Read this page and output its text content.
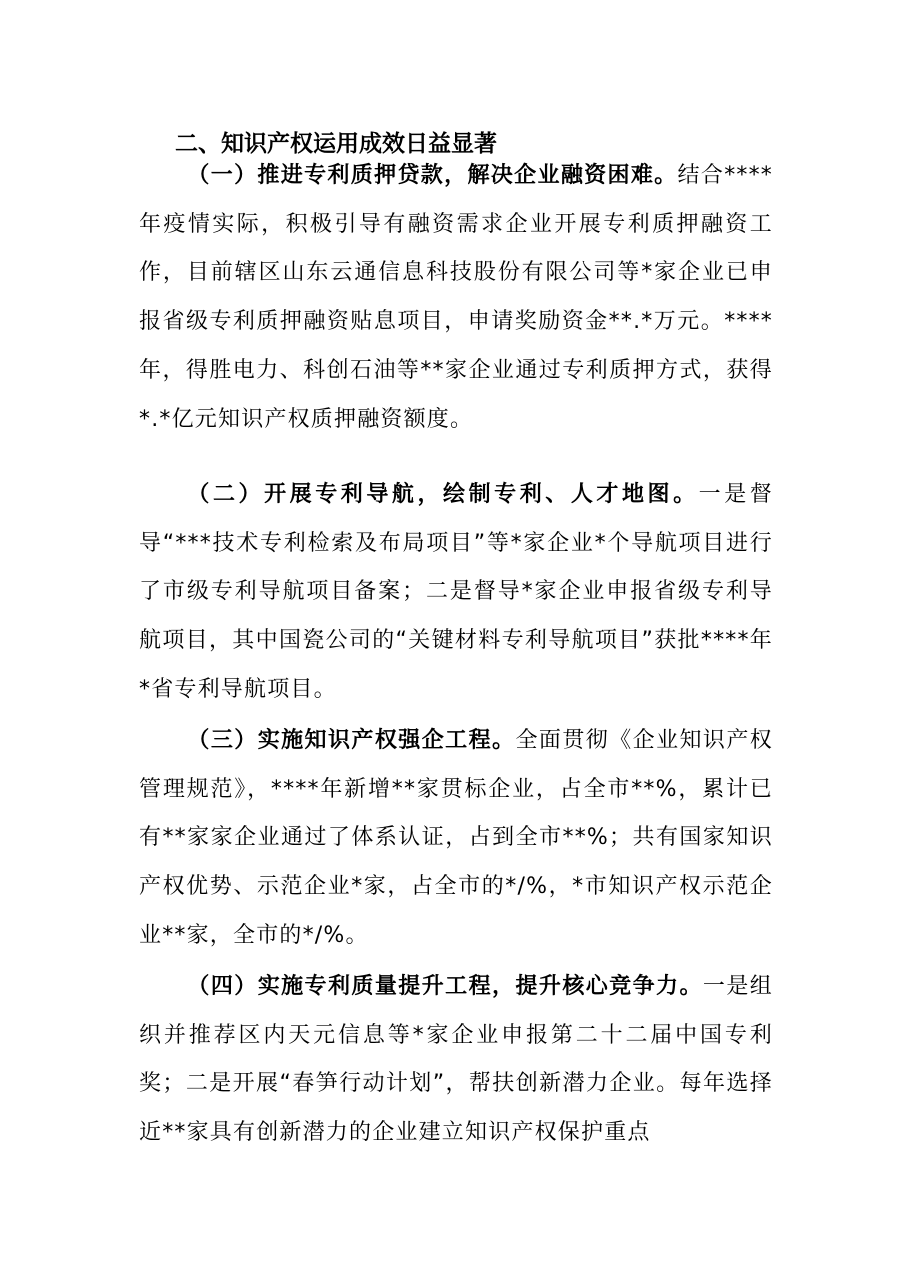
二、知识产权运用成效日益显著

（一）推进专利质押贷款，解决企业融资困难。结合****年疫情实际，积极引导有融资需求企业开展专利质押融资工作，目前辖区山东云通信息科技股份有限公司等*家企业已申报省级专利质押融资贴息项目，申请奖励资金**.*万元。****年，得胜电力、科创石油等**家企业通过专利质押方式，获得*.*亿元知识产权质押融资额度。

（二）开展专利导航，绘制专利、人才地图。一是督导“***技术专利检索及布局项目”等*家企业*个导航项目进行了市级专利导航项目备案；二是督导*家企业申报省级专利导航项目，其中国瓷公司的“关键材料专利导航项目”获批****年*省专利导航项目。

（三）实施知识产权强企工程。全面贯彻《企业知识产权管理规范》，****年新增**家贯标企业，占全市**%，累计已有**家家企业通过了体系认证，占到全市**%；共有国家知识产权优势、示范企业*家，占全市的*/%，*市知识产权示范企业**家，全市的*/%。

（四）实施专利质量提升工程，提升核心竞争力。一是组织并推荐区内天元信息等*家企业申报第二十二届中国专利奖；二是开展“春笋行动计划”，帮扶创新潜力企业。每年选择近**家具有创新潜力的企业建立知识产权保护重点
